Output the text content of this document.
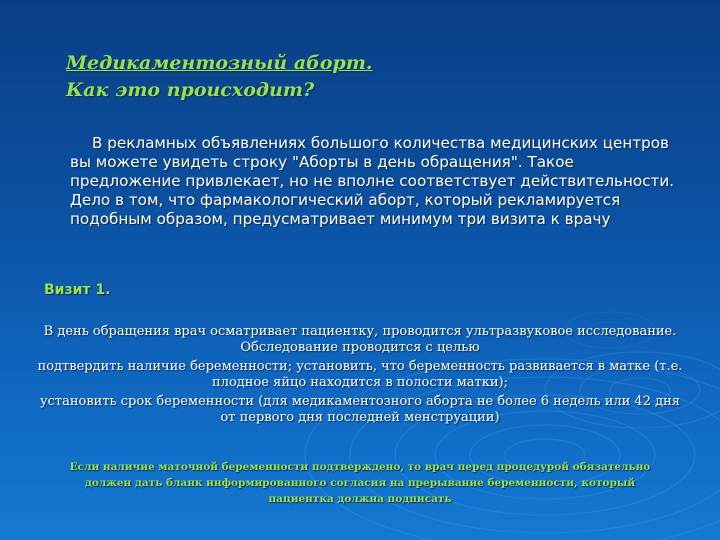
Медикаментозный аборт.
Как это происходит?

В рекламных объявлениях большого количества медицинских центров вы можете увидеть строку "Аборты в день обращения". Такое предложение привлекает, но не вполне соответствует действительности. Дело в том, что фармакологический аборт, который рекламируется подобным образом, предусматривает минимум три визита к врачу

Визит 1.

В день обращения врач осматривает пациентку, проводится ультразвуковое исследование. Обследование проводится с целью

подтвердить наличие беременности; установить, что беременность развивается в матке (т.е. плодное яйцо находится в полости матки);

установить срок беременности (для медикаментозного аборта не более 6 недель или 42 дня от первого дня последней менструации)

Если наличие маточной беременности подтверждено, то врач перед процедурой обязательно должен дать бланк информированного согласия на прерывание беременности, который пациентка должна подписать
